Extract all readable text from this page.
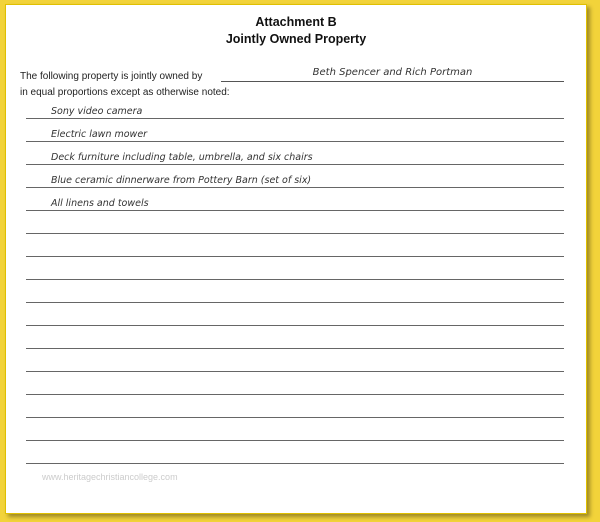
Attachment B
Jointly Owned Property
The following property is jointly owned by	Beth Spencer and Rich Portman
in equal proportions except as otherwise noted:
Sony video camera
Electric lawn mower
Deck furniture including table, umbrella, and six chairs
Blue ceramic dinnerware from Pottery Barn (set of six)
All linens and towels
www.heritagechristiancollege.com
